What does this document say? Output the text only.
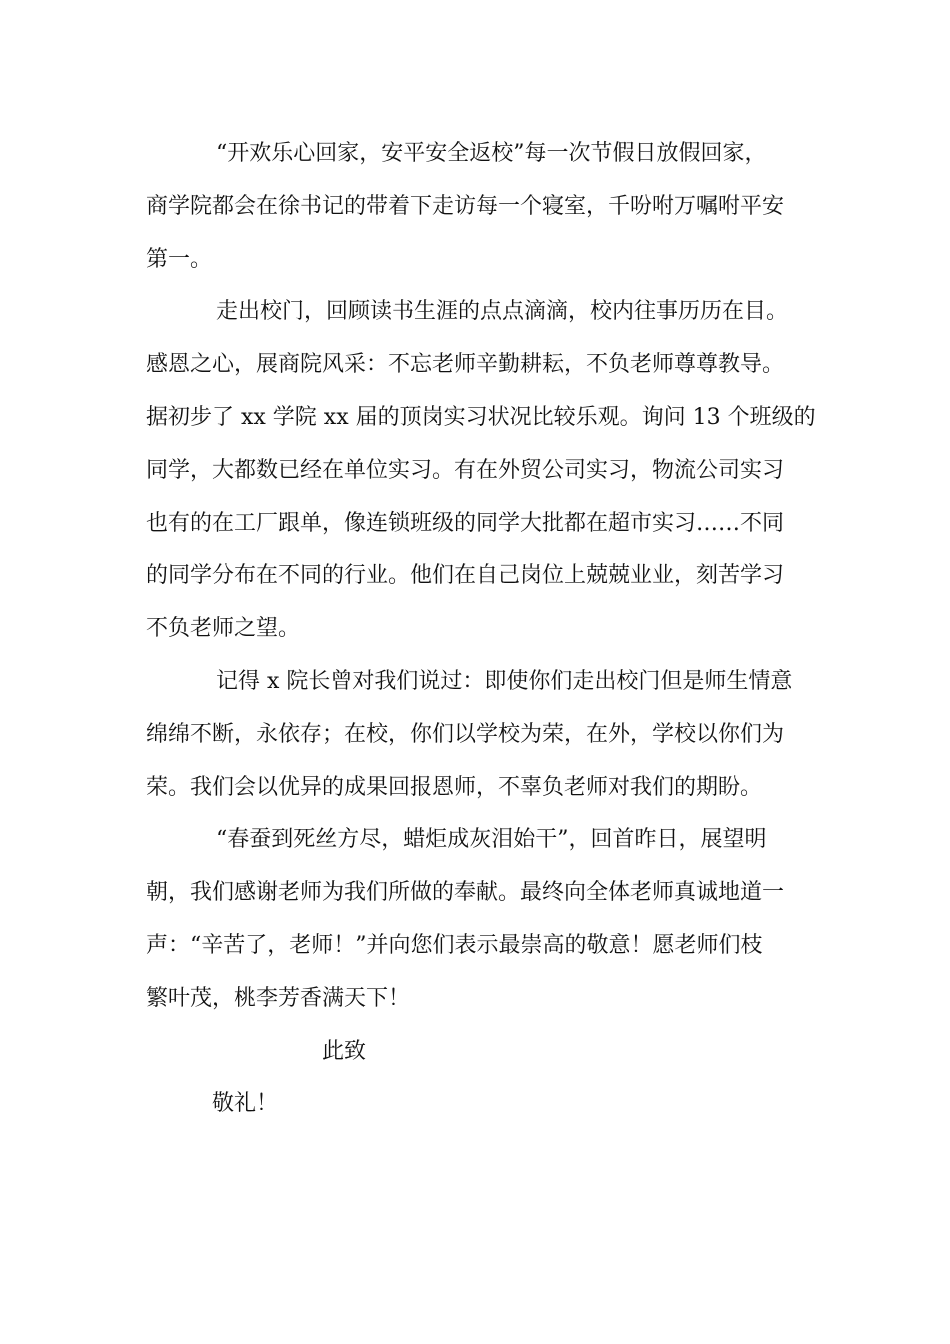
“开欢乐心回家，安平安全返校”每一次节假日放假回家，
商学院都会在徐书记的带着下走访每一个寝室，千吩咐万嘱咐平安
第一。
走出校门，回顾读书生涯的点点滴滴，校内往事历历在目。
感恩之心，展商院风采：不忘老师辛勤耕耘，不负老师尊尊教导。
据初步了 xx 学院 xx 届的顶岗实习状况比较乐观。询问 13 个班级的
同学，大都数已经在单位实习。有在外贸公司实习，物流公司实习
也有的在工厂跟单，像连锁班级的同学大批都在超市实习……不同
的同学分布在不同的行业。他们在自己岗位上兢兢业业，刻苦学习
不负老师之望。
记得 x 院长曾对我们说过：即使你们走出校门但是师生情意
绵绵不断，永依存；在校，你们以学校为荣，在外，学校以你们为
荣。我们会以优异的成果回报恩师，不辜负老师对我们的期盼。
“春蚕到死丝方尽，蜡炬成灰泪始干”，回首昨日，展望明
朝，我们感谢老师为我们所做的奉献。最终向全体老师真诚地道一
声：“辛苦了，老师！”并向您们表示最崇高的敬意！愿老师们枝
繁叶茂，桃李芳香满天下！
此致
敬礼！
